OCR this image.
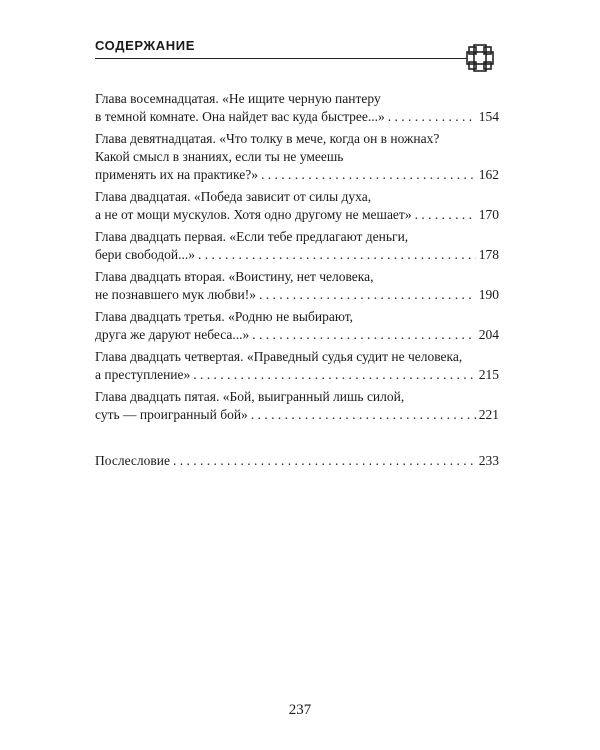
СОДЕРЖАНИЕ
Глава восемнадцатая. «Не ищите черную пантеру
в темной комнате. Она найдет вас куда быстрее...» . . .	154
Глава девятнадцатая. «Что толку в мече, когда он в ножнах?
Какой смысл в знаниях, если ты не умеешь
применять их на практике?» . . .	162
Глава двадцатая. «Победа зависит от силы духа,
а не от мощи мускулов. Хотя одно другому не мешает» . . .	170
Глава двадцать первая. «Если тебе предлагают деньги,
бери свободой...» . . .	178
Глава двадцать вторая. «Воистину, нет человека,
не познавшего мук любви!» . . .	190
Глава двадцать третья. «Родню не выбирают,
друга же даруют небеса...» . . .	204
Глава двадцать четвертая. «Праведный судья судит не человека,
а преступление» . . .	215
Глава двадцать пятая. «Бой, выигранный лишь силой,
суть — проигранный бой» . . .	221
Послесловие . . .	233
237
